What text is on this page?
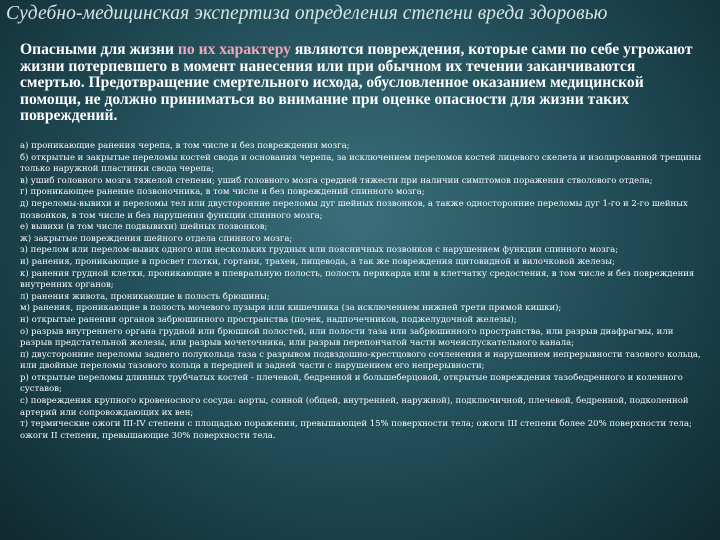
Судебно-медицинская экспертиза определения степени вреда здоровью
Опасными для жизни по их характеру являются повреждения, которые сами по себе угрожают жизни потерпевшего в момент нанесения или при обычном их течении заканчиваются смертью. Предотвращение смертельного исхода, обусловленное оказанием медицинской помощи, не должно приниматься во внимание при оценке опасности для жизни таких повреждений.
а) проникающие ранения черепа, в том числе и без повреждения мозга;
б) открытые и закрытые переломы костей свода и основания черепа, за исключением переломов костей лицевого скелета и изолированной трещины только наружной пластинки свода черепа;
в) ушиб головного мозга тяжелой степени; ушиб головного мозга средней тяжести при наличии симптомов поражения стволового отдела;
г) проникающее ранение позвоночника, в том числе и без повреждений спинного мозга;
д) переломы-вывихи и переломы тел или двусторонние переломы дуг шейных позвонков, а также односторонние переломы дуг 1-го и 2-го шейных позвонков, в том числе и без нарушения функции спинного мозга;
е) вывихи (в том числе подвывихи) шейных позвонков;
ж) закрытые повреждения шейного отдела спинного мозга;
з) перелом или перелом-вывих одного или нескольких грудных или поясничных позвонков с нарушением функции спинного мозга;
и) ранения, проникающие в просвет глотки, гортани, трахеи, пищевода, а так же повреждения щитовидной и вилочковой железы;
к) ранения грудной клетки, проникающие в плевральную полость, полость перикарда или в клетчатку средостения, в том числе и без повреждения внутренних органов;
л) ранения живота, проникающие в полость брюшины;
м) ранения, проникающие в полость мочевого пузыря или кишечника (за исключением нижней трети прямой кишки);
н) открытые ранения органов забрюшинного пространства (почек, надпочечников, поджелудочной железы);
о) разрыв внутреннего органа грудной или брюшной полостей, или полости таза или забрюшинного пространства, или разрыв диафрагмы, или разрыв предстательной железы, или разрыв мочеточника, или разрыв перепончатой части мочеиспускательного канала;
п) двусторонние переломы заднего полукольца таза с разрывом подвздошно-крестцового сочленения и нарушением непрерывности тазового кольца, или двойные переломы тазового кольца в передней и задней части с нарушением его непрерывности;
р) открытые переломы длинных трубчатых костей - плечевой, бедренной и большеберцовой, открытые повреждения тазобедренного и коленного суставов;
с) повреждения крупного кровеносного сосуда: аорты, сонной (общей, внутренней, наружной), подключичной, плечевой, бедренной, подколенной артерий или сопровождающих их вен;
т) термические ожоги III-IV степени с площадью поражения, превышающей 15% поверхности тела; ожоги III степени более 20% поверхности тела; ожоги II степени, превышающие 30% поверхности тела.
